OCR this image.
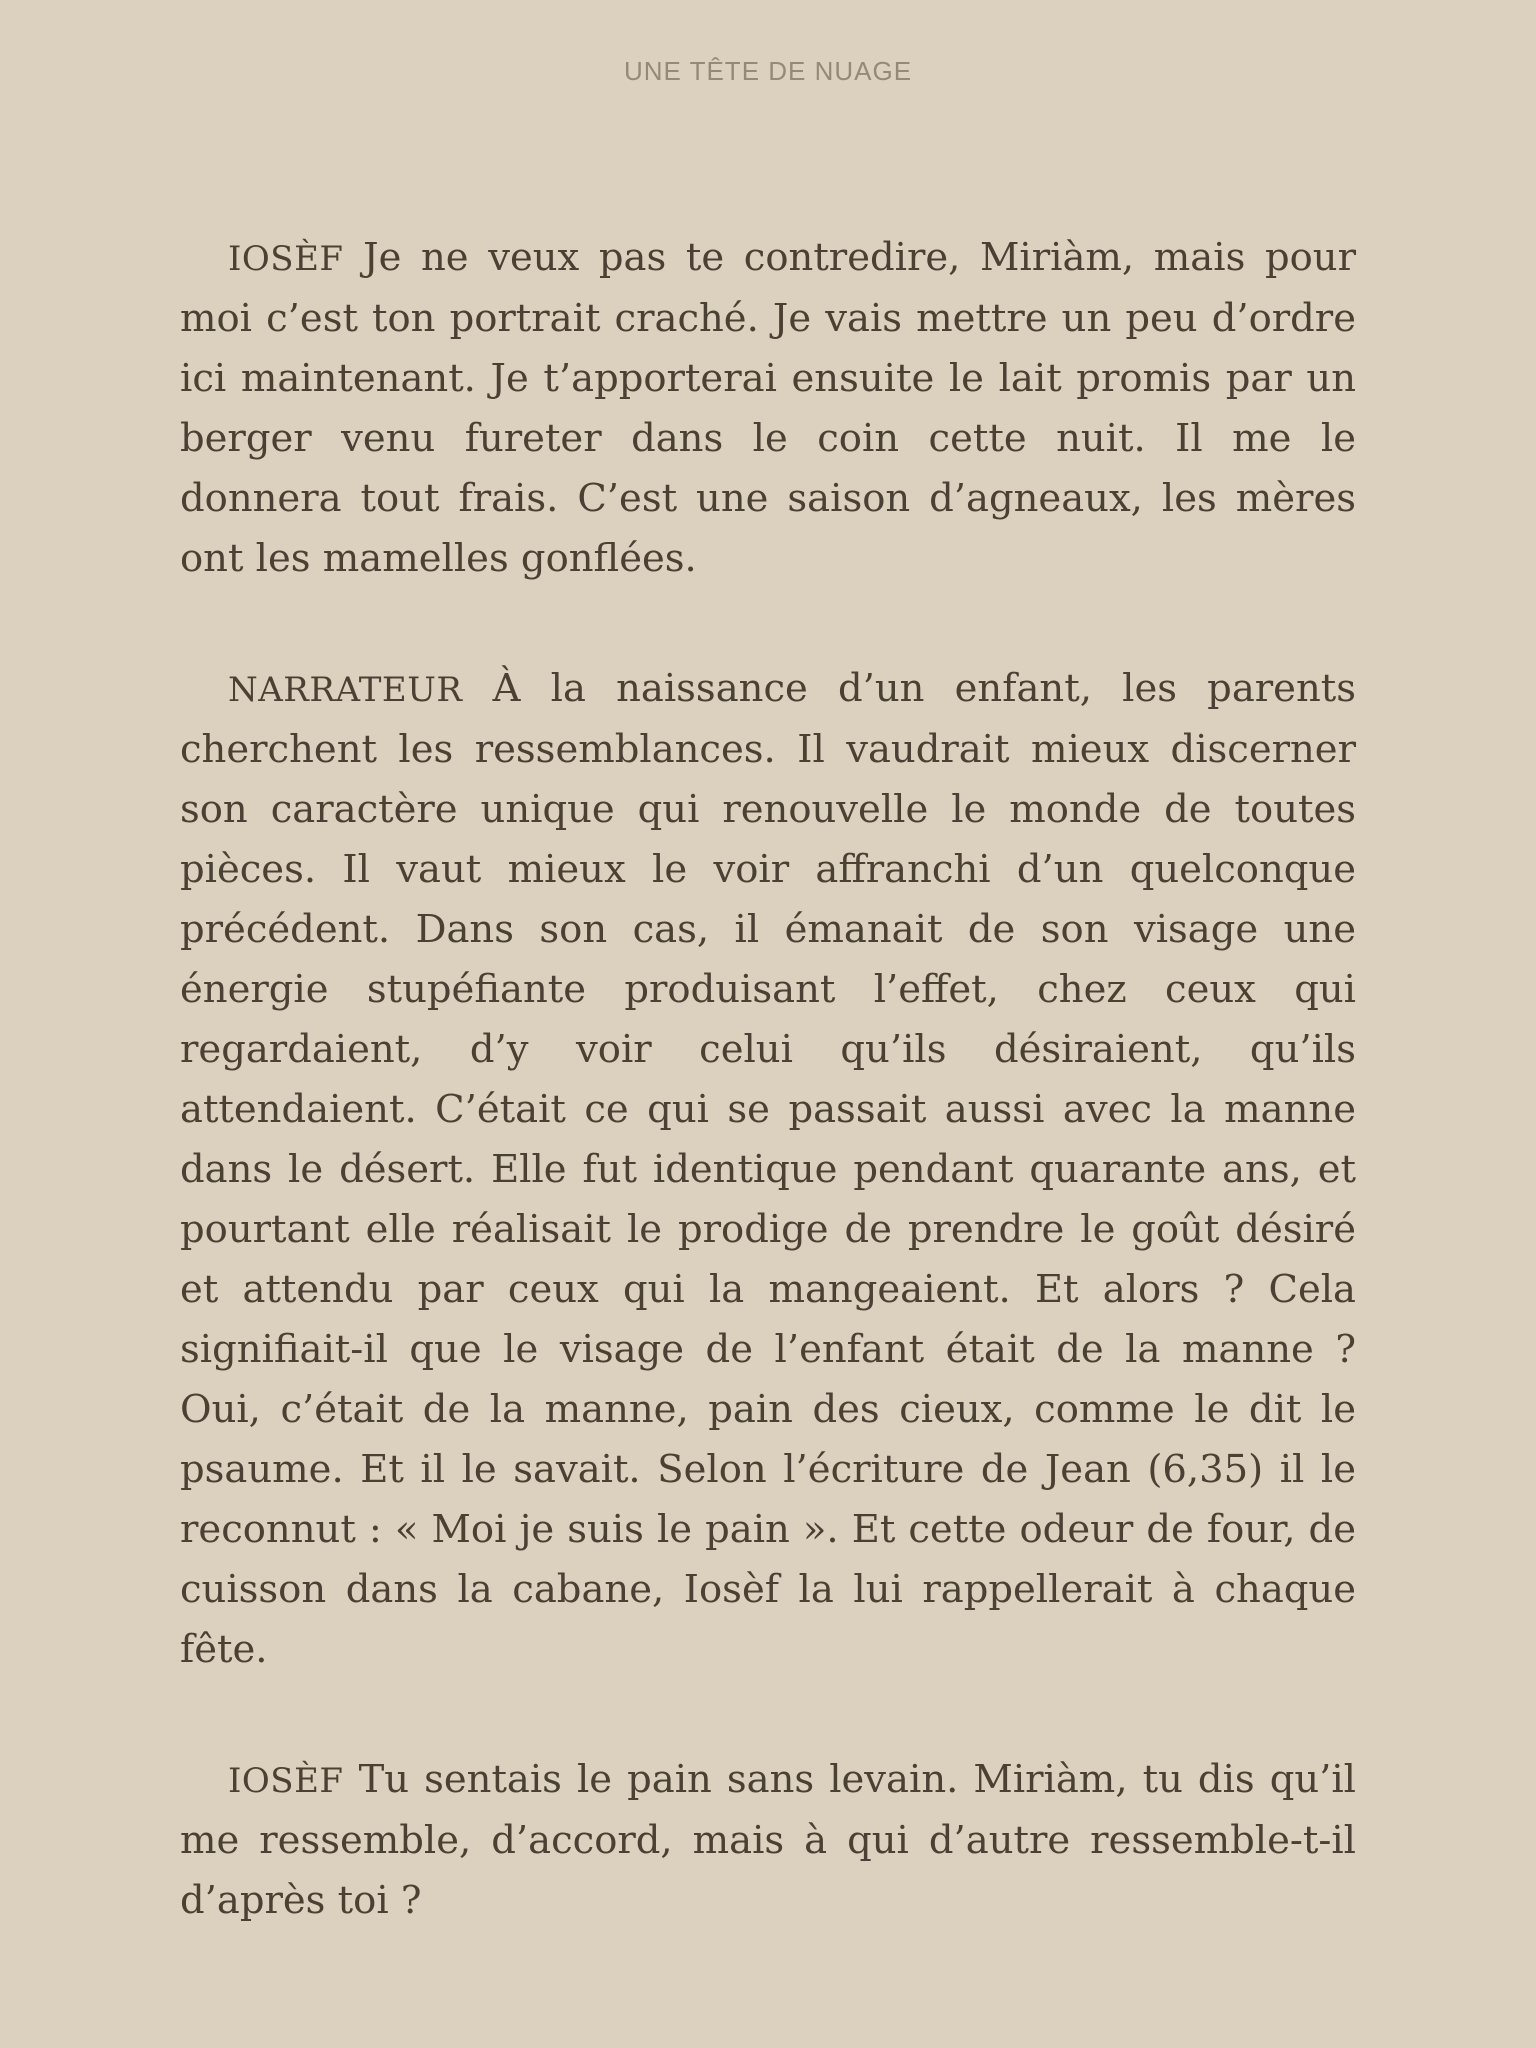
UNE TÊTE DE NUAGE

IOSÈF Je ne veux pas te contredire, Miriàm, mais pour moi c’est ton portrait craché. Je vais mettre un peu d’ordre ici maintenant. Je t’apporterai ensuite le lait promis par un berger venu fureter dans le coin cette nuit. Il me le donnera tout frais. C’est une saison d’agneaux, les mères ont les mamelles gonflées.

NARRATEUR À la naissance d’un enfant, les parents cherchent les ressemblances. Il vaudrait mieux discerner son caractère unique qui renouvelle le monde de toutes pièces. Il vaut mieux le voir affranchi d’un quelconque précédent. Dans son cas, il émanait de son visage une énergie stupéfiante produisant l’effet, chez ceux qui regardaient, d’y voir celui qu’ils désiraient, qu’ils attendaient. C’était ce qui se passait aussi avec la manne dans le désert. Elle fut identique pendant quarante ans, et pourtant elle réalisait le prodige de prendre le goût désiré et attendu par ceux qui la mangeaient. Et alors ? Cela signifiait-il que le visage de l’enfant était de la manne ? Oui, c’était de la manne, pain des cieux, comme le dit le psaume. Et il le savait. Selon l’écriture de Jean (6,35) il le reconnut : « Moi je suis le pain ». Et cette odeur de four, de cuisson dans la cabane, Iosèf la lui rappellerait à chaque fête.

IOSÈF Tu sentais le pain sans levain. Miriàm, tu dis qu’il me ressemble, d’accord, mais à qui d’autre ressemble-t-il d’après toi ?
